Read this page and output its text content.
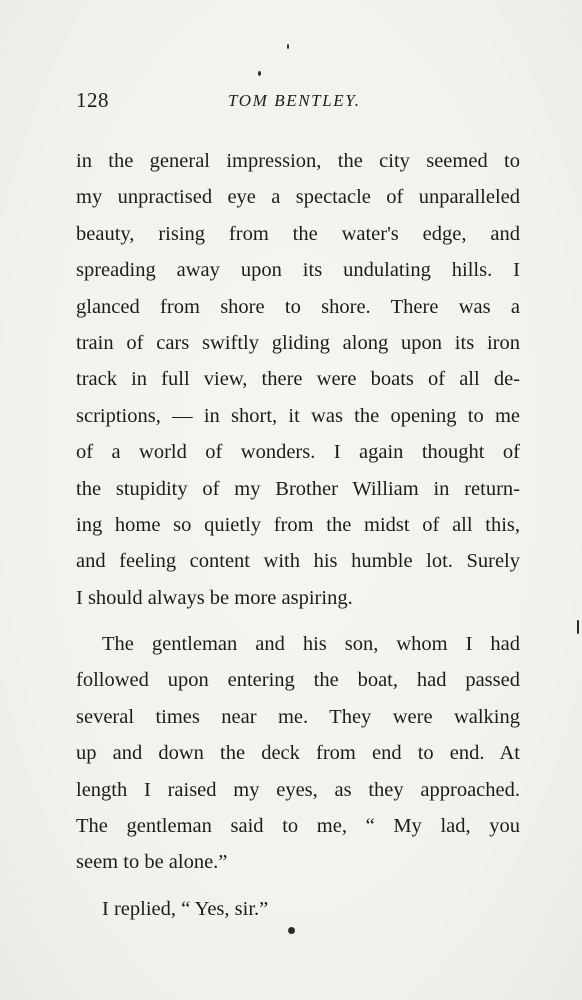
128	TOM BENTLEY.
in the general impression, the city seemed to
my unpractised eye a spectacle of unparalleled
beauty, rising from the water's edge, and
spreading away upon its undulating hills. I
glanced from shore to shore. There was a
train of cars swiftly gliding along upon its iron
track in full view, there were boats of all de-
scriptions, — in short, it was the opening to me
of a world of wonders. I again thought of
the stupidity of my Brother William in return-
ing home so quietly from the midst of all this,
and feeling content with his humble lot. Surely
I should always be more aspiring.
The gentleman and his son, whom I had
followed upon entering the boat, had passed
several times near me. They were walking
up and down the deck from end to end. At
length I raised my eyes, as they approached.
The gentleman said to me, “ My lad, you
seem to be alone.”
I replied, “ Yes, sir.”
